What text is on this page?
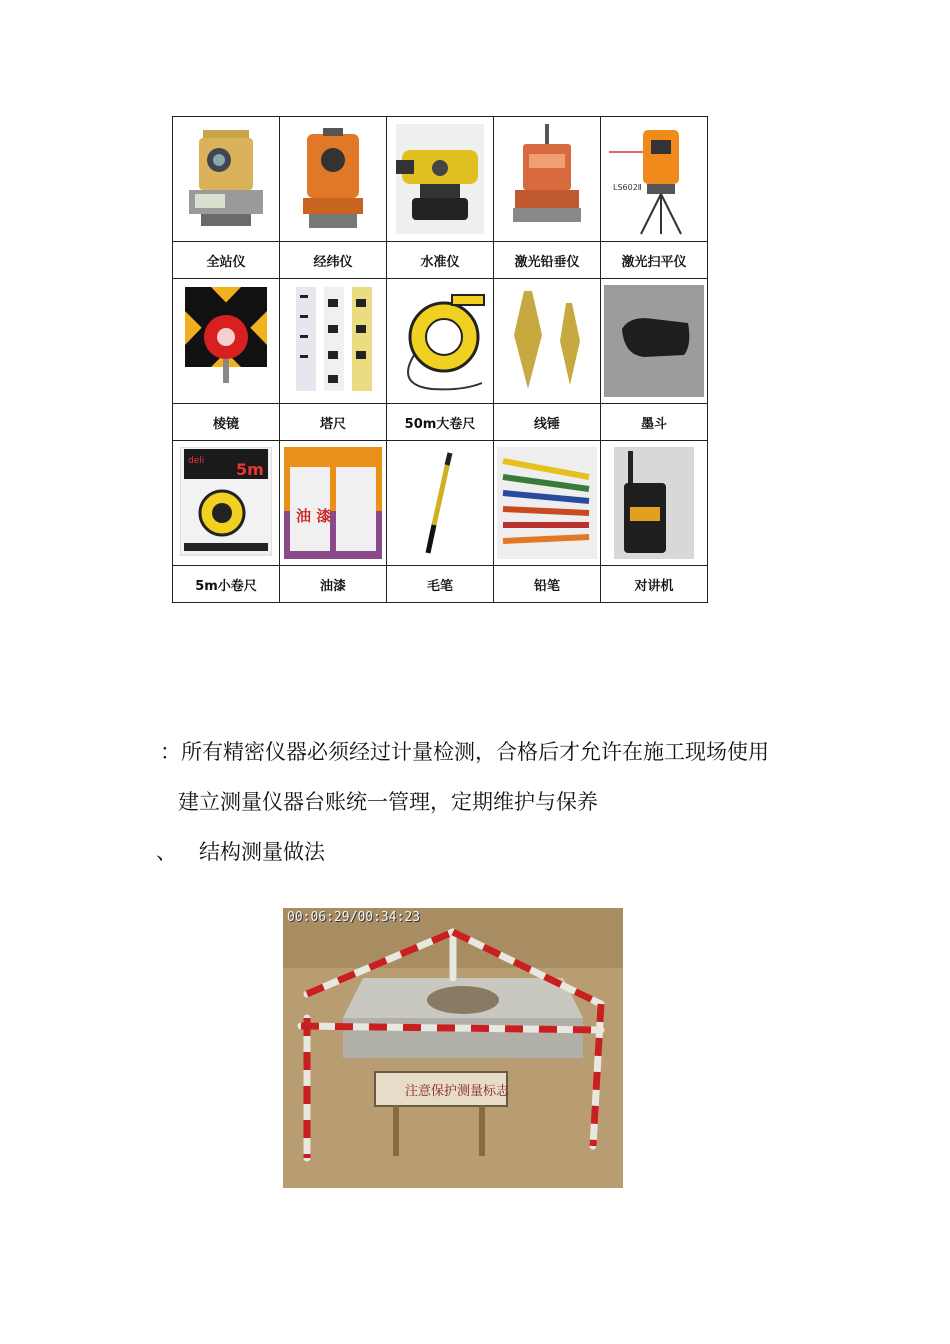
LS602Ⅱ

全站仪	经纬仪	水准仪	激光铅垂仪	激光扫平仪

棱镜	塔尺	50m大卷尺	线锤	墨斗

deli 5m	油 漆

5m小卷尺	油漆	毛笔	铅笔	对讲机
：所有精密仪器必须经过计量检测，合格后才允许在施工现场使用
建立测量仪器台账统一管理，定期维护与保养
、 结构测量做法
注意保护测量标志
00:06:29/00:34:23
